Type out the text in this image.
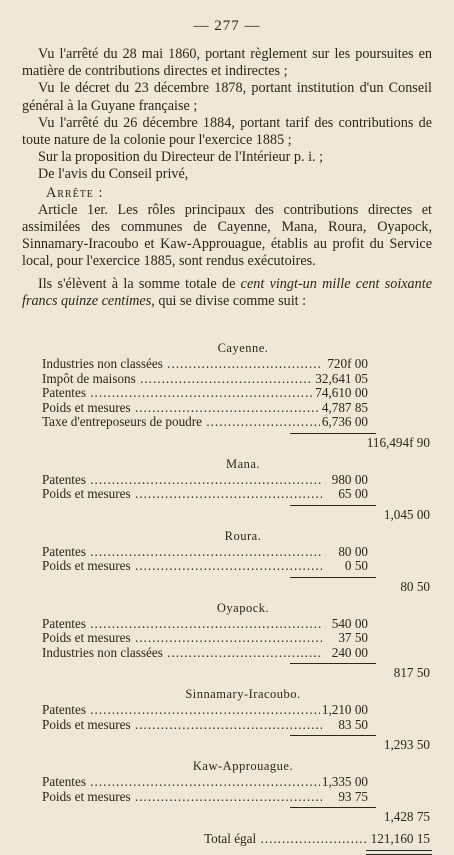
— 277 —

Vu l'arrêté du 28 mai 1860, portant règlement sur les poursuites en matière de contributions directes et indirectes ;

Vu le décret du 23 décembre 1878, portant institution d'un Conseil général à la Guyane française ;

Vu l'arrêté du 26 décembre 1884, portant tarif des contributions de toute nature de la colonie pour l'exercice 1885 ;

Sur la proposition du Directeur de l'Intérieur p. i. ;

De l'avis du Conseil privé,

Arrête :

Article 1er. Les rôles principaux des contributions directes et assimilées des communes de Cayenne, Mana, Roura, Oyapock, Sinnamary-Iracoubo et Kaw-Approuague, établis au profit du Service local, pour l'exercice 1885, sont rendus exécutoires.

Ils s'élèvent à la somme totale de cent vingt-un mille cent soixante francs quinze centimes, qui se divise comme suit :

Cayenne.
Industries non classées .....	720f 00
Impôt de maisons .....	32,641 05
Patentes .....	74,610 00
Poids et mesures .....	4,787 85
Taxe d'entreposeurs de poudre .....	6,736 00
116,494f 90
Mana.
Patentes .....	980 00
Poids et mesures .....	65 00
1,045 00
Roura.
Patentes .....	80 00
Poids et mesures .....	0 50
80 50
Oyapock.
Patentes .....	540 00
Poids et mesures .....	37 50
Industries non classées .....	240 00
817 50
Sinnamary-Iracoubo.
Patentes .....	1,210 00
Poids et mesures .....	83 50
1,293 50
Kaw-Approuague.
Patentes .....	1,335 00
Poids et mesures .....	93 75
1,428 75
Total égal .....	121,160 15
